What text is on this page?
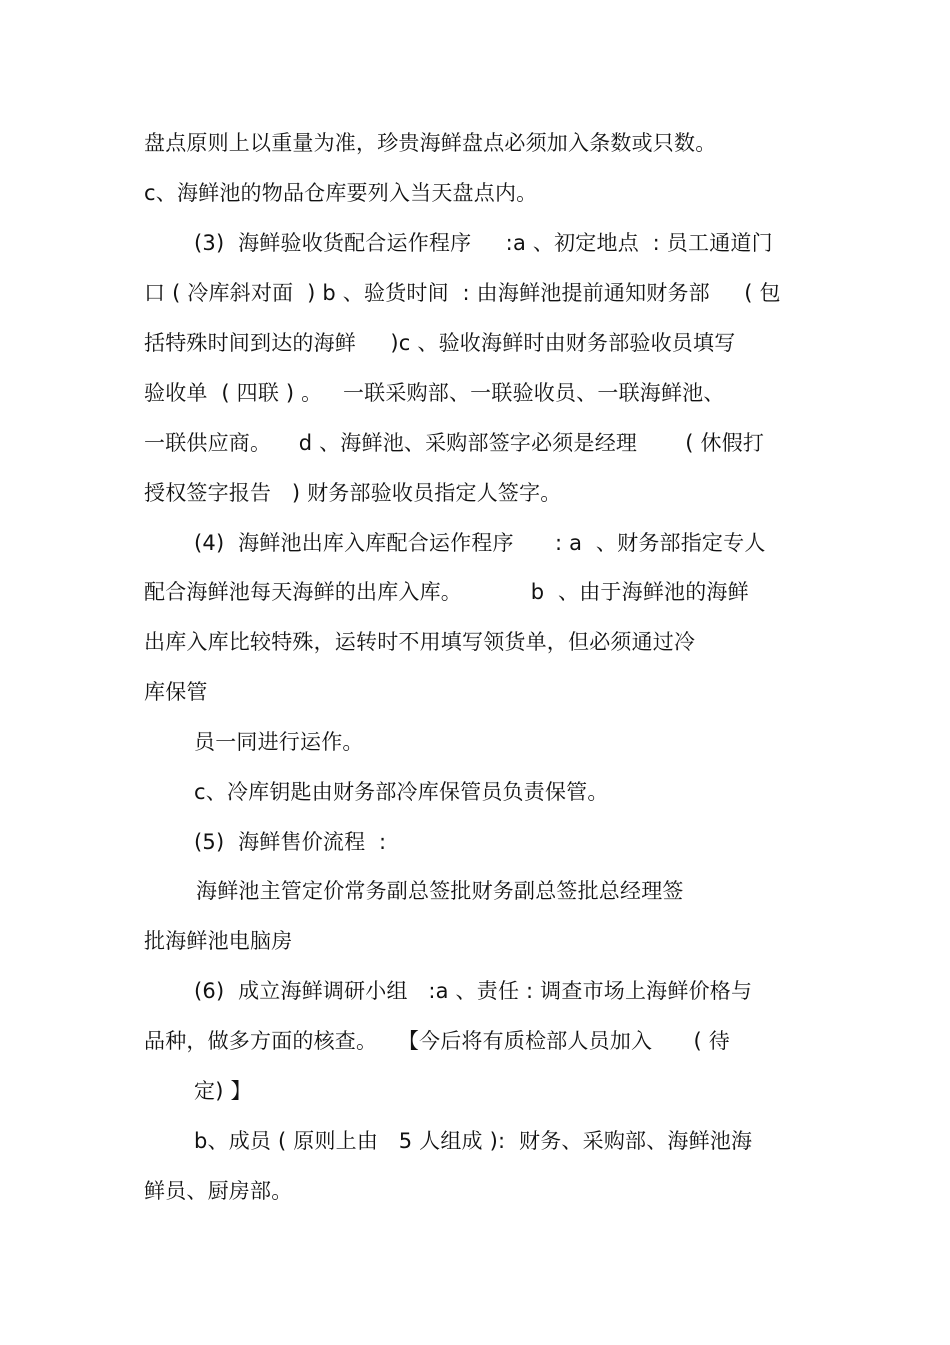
盘点原则上以重量为准，珍贵海鲜盘点必须加入条数或只数。
c、海鲜池的物品仓库要列入当天盘点内。
(3)  海鲜验收货配合运作程序     :a 、初定地点  : 员工通道门
口 ( 冷库斜对面  ) b 、验货时间  : 由海鲜池提前通知财务部     ( 包
括特殊时间到达的海鲜     )c 、验收海鲜时由财务部验收员填写
验收单  ( 四联 ) 。   一联采购部、一联验收员、一联海鲜池、
一联供应商。    d 、海鲜池、采购部签字必须是经理       ( 休假打
授权签字报告   ) 财务部验收员指定人签字。
(4)  海鲜池出库入库配合运作程序      : a  、财务部指定专人
配合海鲜池每天海鲜的出库入库。          b  、由于海鲜池的海鲜
出库入库比较特殊，运转时不用填写领货单，但必须通过冷
库保管
员一同进行运作。
c、冷库钥匙由财务部冷库保管员负责保管。
(5)  海鲜售价流程  :
海鲜池主管定价常务副总签批财务副总签批总经理签
批海鲜池电脑房
(6)  成立海鲜调研小组   :a 、责任 : 调查市场上海鲜价格与
品种，做多方面的核查。   【今后将有质检部人员加入      ( 待
定) 】
b、成员 ( 原则上由   5 人组成 ):  财务、采购部、海鲜池海
鲜员、厨房部。
